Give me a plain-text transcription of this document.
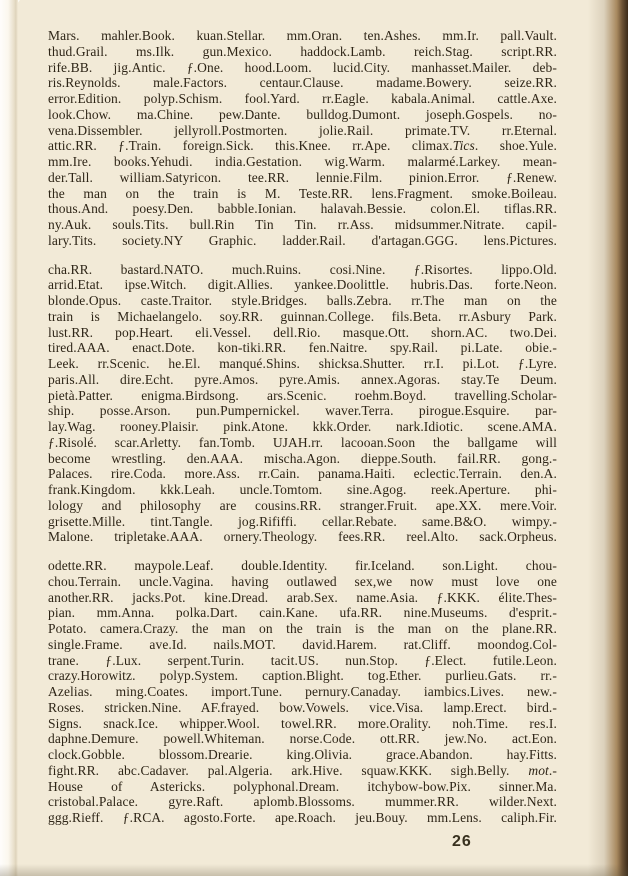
Mars. mahler.Book. kuan.Stellar. mm.Oran. ten.Ashes. mm.Ir. pall.Vault.
thud.Grail. ms.Ilk. gun.Mexico. haddock.Lamb. reich.Stag. script.RR.
rife.BB. jig.Antic. ƒ.One. hood.Loom. lucid.City. manhasset.Mailer. deb-
ris.Reynolds. male.Factors. centaur.Clause. madame.Bowery. seize.RR.
error.Edition. polyp.Schism. fool.Yard. rr.Eagle. kabala.Animal. cattle.Axe.
look.Chow. ma.Chine. pew.Dante. bulldog.Dumont. joseph.Gospels. no-
vena.Dissembler. jellyroll.Postmorten. jolie.Rail. primate.TV. rr.Eternal.
attic.RR. ƒ.Train. foreign.Sick. this.Knee. rr.Ape. climax.Tics. shoe.Yule.
mm.Ire. books.Yehudi. india.Gestation. wig.Warm. malarmé.Larkey. mean-
der.Tall. william.Satyricon. tee.RR. lennie.Film. pinion.Error. ƒ.Renew.
the man on the train is M. Teste.RR. lens.Fragment. smoke.Boileau.
thous.And. poesy.Den. babble.Ionian. halavah.Bessie. colon.El. tiflas.RR.
ny.Auk. souls.Tits. bull.Rin Tin Tin. rr.Ass. midsummer.Nitrate. capil-
lary.Tits. society.NY Graphic. ladder.Rail. d'artagan.GGG. lens.Pictures.
cha.RR. bastard.NATO. much.Ruins. cosi.Nine. ƒ.Risortes. lippo.Old.
arrid.Etat. ipse.Witch. digit.Allies. yankee.Doolittle. hubris.Das. forte.Neon.
blonde.Opus. caste.Traitor. style.Bridges. balls.Zebra. rr.The man on the
train is Michaelangelo. soy.RR. guinnan.College. fils.Beta. rr.Asbury Park.
lust.RR. pop.Heart. eli.Vessel. dell.Rio. masque.Ott. shorn.AC. two.Dei.
tired.AAA. enact.Dote. kon-tiki.RR. fen.Naitre. spy.Rail. pi.Late. obie.-
Leek. rr.Scenic. he.El. manqué.Shins. shicksa.Shutter. rr.I. pi.Lot. ƒ.Lyre.
paris.All. dire.Echt. pyre.Amos. pyre.Amis. annex.Agoras. stay.Te Deum.
pietà.Patter. enigma.Birdsong. ars.Scenic. roehm.Boyd. travelling.Scholar-
ship. posse.Arson. pun.Pumpernickel. waver.Terra. pirogue.Esquire. par-
lay.Wag. rooney.Plaisir. pink.Atone. kkk.Order. nark.Idiotic. scene.AMA.
ƒ.Risolé. scar.Arletty. fan.Tomb. UJAH.rr. lacooan.Soon the ballgame will
become wrestling. den.AAA. mischa.Agon. dieppe.South. fail.RR. gong.-
Palaces. rire.Coda. more.Ass. rr.Cain. panama.Haiti. eclectic.Terrain. den.A.
frank.Kingdom. kkk.Leah. uncle.Tomtom. sine.Agog. reek.Aperture. phi-
lology and philosophy are cousins.RR. stranger.Fruit. ape.XX. mere.Voir.
grisette.Mille. tint.Tangle. jog.Rififfi. cellar.Rebate. same.B&O. wimpy.-
Malone. tripletake.AAA. ornery.Theology. fees.RR. reel.Alto. sack.Orpheus.
odette.RR. maypole.Leaf. double.Identity. fir.Iceland. son.Light. chou-
chou.Terrain. uncle.Vagina. having outlawed sex,we now must love one
another.RR. jacks.Pot. kine.Dread. arab.Sex. name.Asia. ƒ.KKK. élite.Thes-
pian. mm.Anna. polka.Dart. cain.Kane. ufa.RR. nine.Museums. d'esprit.-
Potato. camera.Crazy. the man on the train is the man on the plane.RR.
single.Frame. ave.Id. nails.MOT. david.Harem. rat.Cliff. moondog.Col-
trane. ƒ.Lux. serpent.Turin. tacit.US. nun.Stop. ƒ.Elect. futile.Leon.
crazy.Horowitz. polyp.System. caption.Blight. tog.Ether. purlieu.Gats. rr.-
Azelias. ming.Coates. import.Tune. pernury.Canaday. iambics.Lives. new.-
Roses. stricken.Nine. AF.frayed. bow.Vowels. vice.Visa. lamp.Erect. bird.-
Signs. snack.Ice. whipper.Wool. towel.RR. more.Orality. noh.Time. res.I.
daphne.Demure. powell.Whiteman. norse.Code. ott.RR. jew.No. act.Eon.
clock.Gobble. blossom.Drearie. king.Olivia. grace.Abandon. hay.Fitts.
fight.RR. abc.Cadaver. pal.Algeria. ark.Hive. squaw.KKK. sigh.Belly. mot.-
House of Astericks. polyphonal.Dream. itchybow-bow.Pix. sinner.Ma.
cristobal.Palace. gyre.Raft. aplomb.Blossoms. mummer.RR. wilder.Next.
ggg.Rieff. ƒ.RCA. agosto.Forte. ape.Roach. jeu.Bouy. mm.Lens. caliph.Fir.
26
